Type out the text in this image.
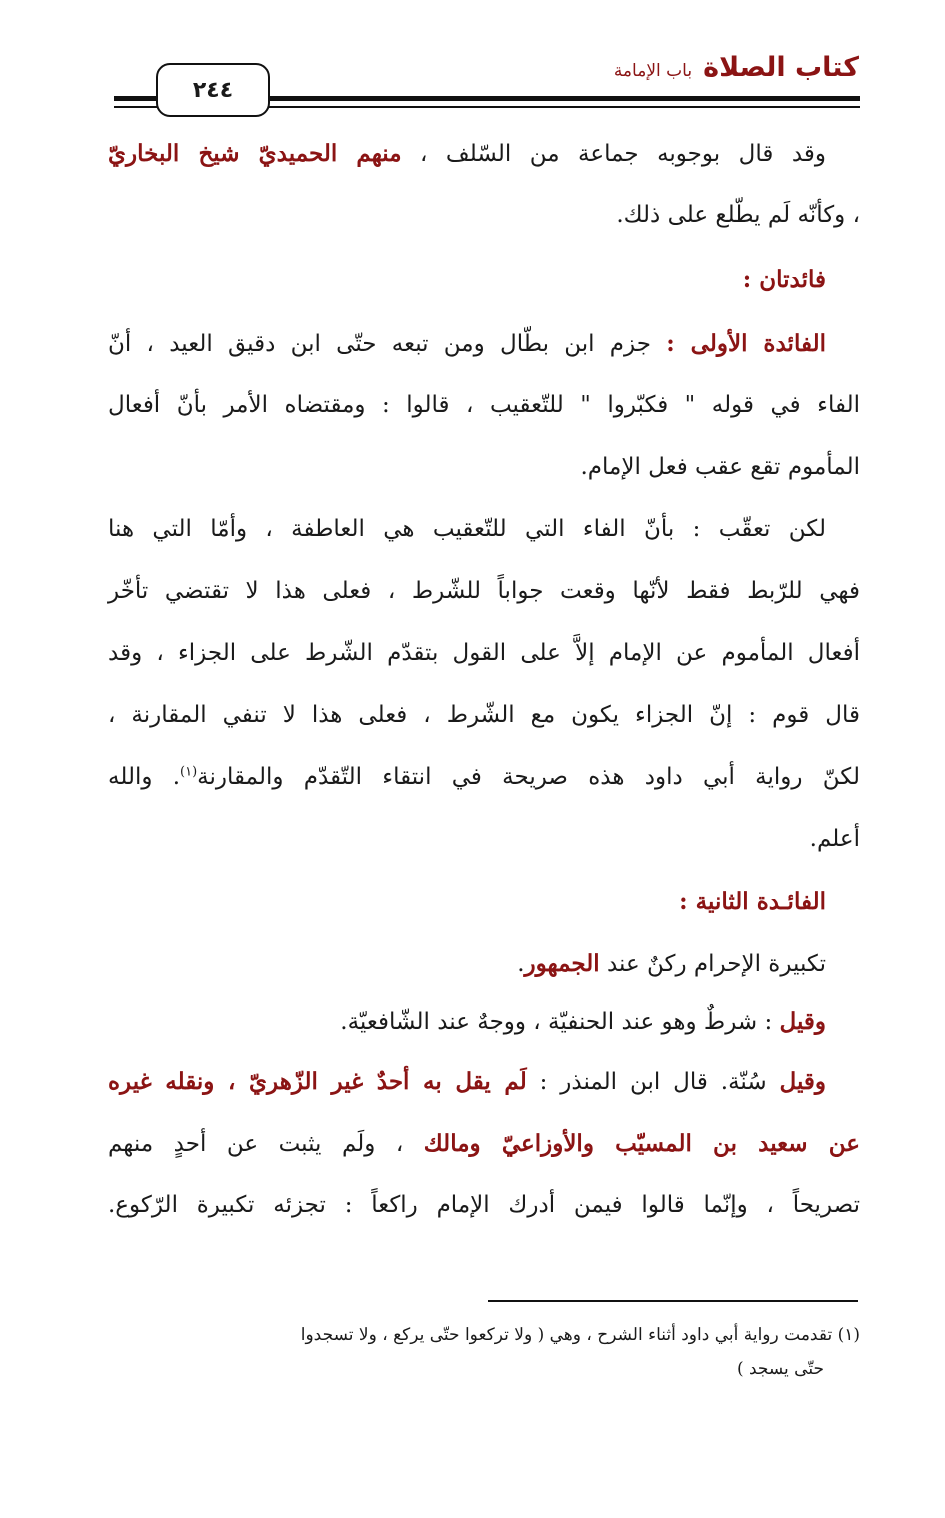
كتاب الصلاة باب الإمامة
٢٤٤
وقد قال بوجوبه جماعة من السّلف ، منهم الحميديّ شيخ البخاريّ
، وكأنّه لَم يطّلع على ذلك.
فائدتان :
الفائدة الأولى : جزم ابن بطّال ومن تبعه حتّى ابن دقيق العيد ، أنّ
الفاء في قوله " فكبّروا " للتّعقيب ، قالوا : ومقتضاه الأمر بأنّ أفعال
المأموم تقع عقب فعل الإمام.
لكن تعقّب : بأنّ الفاء التي للتّعقيب هي العاطفة ، وأمّا التي هنا
فهي للرّبط فقط لأنّها وقعت جواباً للشّرط ، فعلى هذا لا تقتضي تأخّر
أفعال المأموم عن الإمام إلاَّ على القول بتقدّم الشّرط على الجزاء ، وقد
قال قوم : إنّ الجزاء يكون مع الشّرط ، فعلى هذا لا تنفي المقارنة ،
لكنّ رواية أبي داود هذه صريحة في انتقاء التّقدّم والمقارنة$^{(١)}$. والله
أعلم.
الفائـدة الثانية :
تكبيرة الإحرام ركنٌ عند الجمهور.
وقيل : شرطٌ وهو عند الحنفيّة ، ووجهٌ عند الشّافعيّة.
وقيل سُنّة. قال ابن المنذر : لَم يقل به أحدٌ غير الزّهريّ ، ونقله غيره
عن سعيد بن المسيّب والأوزاعيّ ومالك ، ولَم يثبت عن أحدٍ منهم
تصريحاً ، وإنّما قالوا فيمن أدرك الإمام راكعاً : تجزئه تكبيرة الرّكوع.
(١) تقدمت رواية أبي داود أثناء الشرح ، وهي ( ولا تركعوا حتّى يركع ، ولا تسجدوا
حتّى يسجد )
